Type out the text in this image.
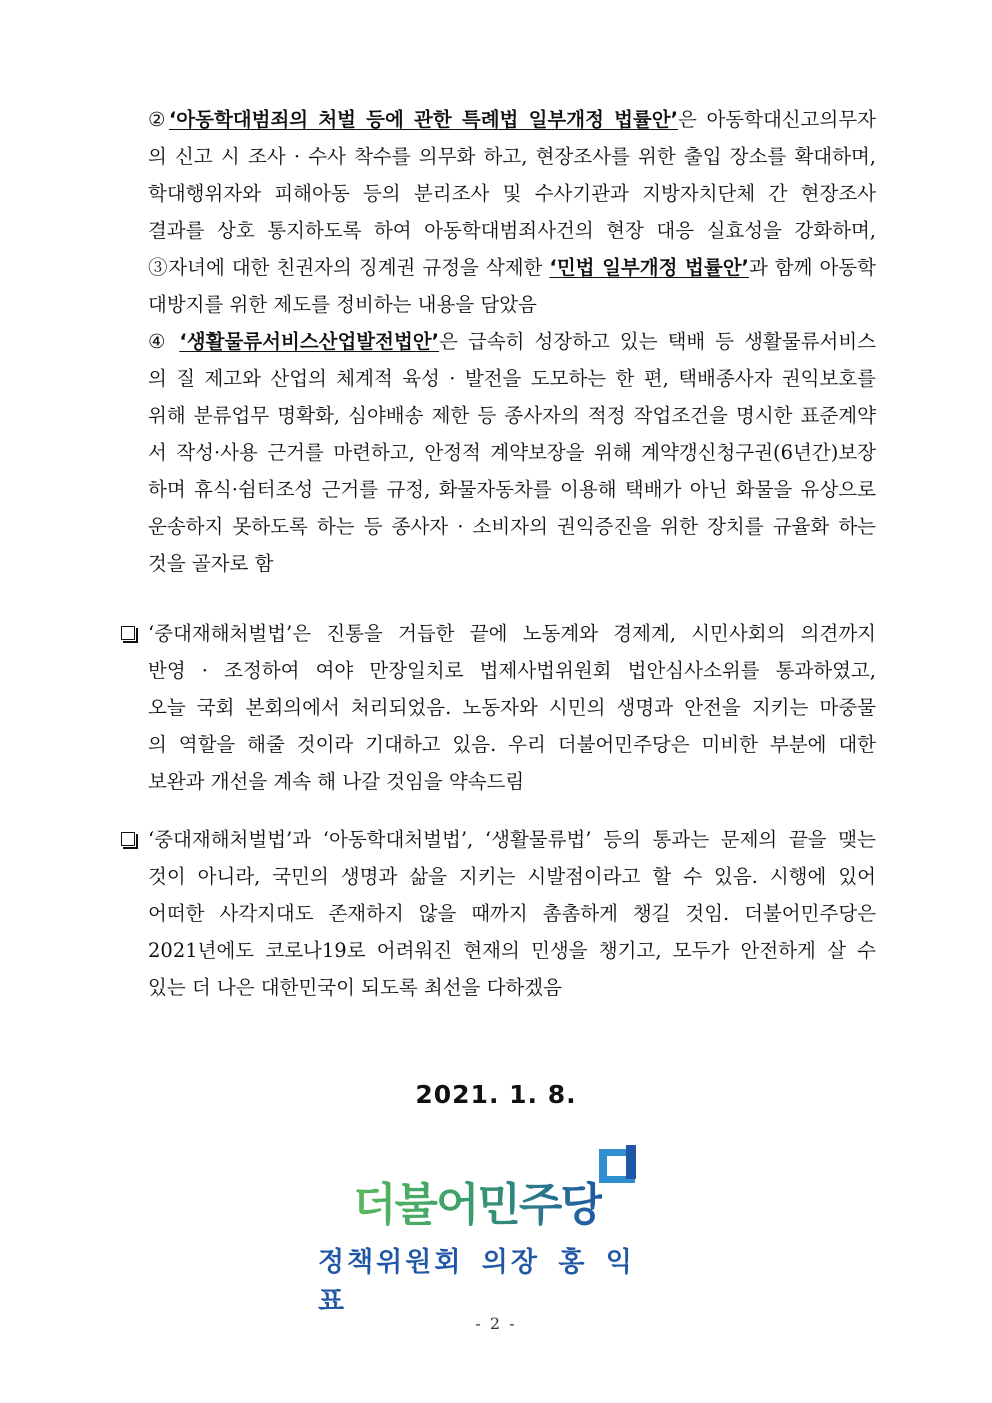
②‘아동학대범죄의 처벌 등에 관한 특례법 일부개정 법률안’은 아동학대신고의무자
의 신고 시 조사 · 수사 착수를 의무화 하고, 현장조사를 위한 출입 장소를 확대하며,
학대행위자와 피해아동 등의 분리조사 및 수사기관과 지방자치단체 간 현장조사
결과를 상호 통지하도록 하여 아동학대범죄사건의 현장 대응 실효성을 강화하며,
③자녀에 대한 친권자의 징계권 규정을 삭제한 ‘민법 일부개정 법률안’과 함께 아동학
대방지를 위한 제도를 정비하는 내용을 담았음
④ ‘생활물류서비스산업발전법안’은 급속히 성장하고 있는 택배 등 생활물류서비스
의 질 제고와 산업의 체계적 육성 · 발전을 도모하는 한 편, 택배종사자 권익보호를
위해 분류업무 명확화, 심야배송 제한 등 종사자의 적정 작업조건을 명시한 표준계약
서 작성·사용 근거를 마련하고, 안정적 계약보장을 위해 계약갱신청구권(6년간)보장
하며 휴식·쉼터조성 근거를 규정, 화물자동차를 이용해 택배가 아닌 화물을 유상으로
운송하지 못하도록 하는 등 종사자 · 소비자의 권익증진을 위한 장치를 규율화 하는
것을 골자로 함
‘중대재해처벌법’은 진통을 거듭한 끝에 노동계와 경제계, 시민사회의 의견까지
반영 · 조정하여 여야 만장일치로 법제사법위원회 법안심사소위를 통과하였고,
오늘 국회 본회의에서 처리되었음. 노동자와 시민의 생명과 안전을 지키는 마중물
의 역할을 해줄 것이라 기대하고 있음. 우리 더불어민주당은 미비한 부분에 대한
보완과 개선을 계속 해 나갈 것임을 약속드림
‘중대재해처벌법’과 ‘아동학대처벌법’, ‘생활물류법’ 등의 통과는 문제의 끝을 맺는
것이 아니라, 국민의 생명과 삶을 지키는 시발점이라고 할 수 있음. 시행에 있어
어떠한 사각지대도 존재하지 않을 때까지 촘촘하게 챙길 것임. 더불어민주당은
2021년에도 코로나19로 어려워진 현재의 민생을 챙기고, 모두가 안전하게 살 수
있는 더 나은 대한민국이 되도록 최선을 다하겠음
2021. 1. 8.
더불어민주당
정책위원회 의장 홍 익 표
- 2 -
